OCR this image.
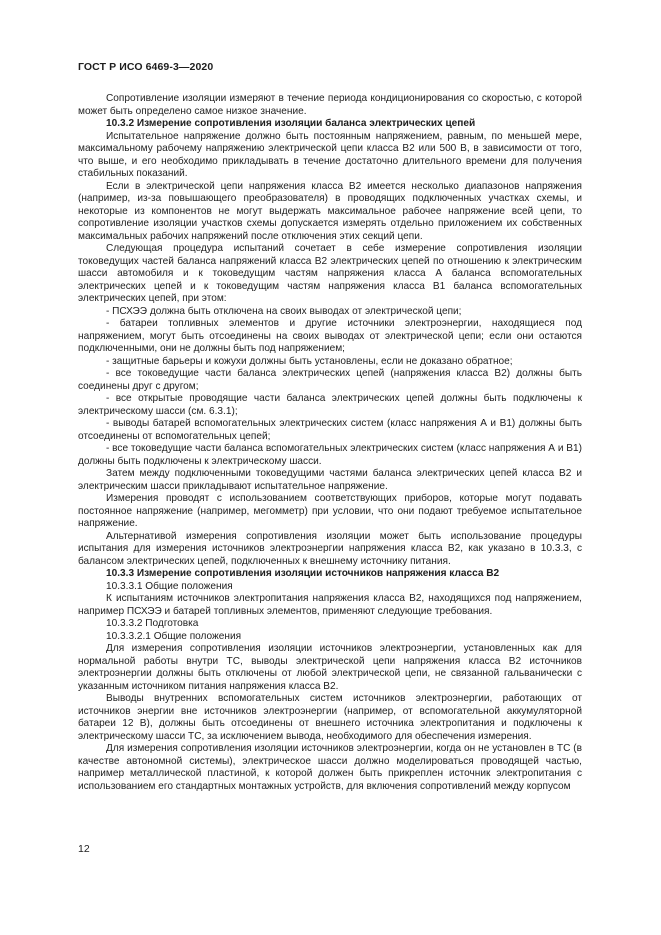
ГОСТ Р ИСО 6469-3—2020

Сопротивление изоляции измеряют в течение периода кондиционирования со скоростью, с которой может быть определено самое низкое значение.

10.3.2 Измерение сопротивления изоляции баланса электрических цепей

Испытательное напряжение должно быть постоянным напряжением, равным, по меньшей мере, максимальному рабочему напряжению электрической цепи класса В2 или 500 В, в зависимости от того, что выше, и его необходимо прикладывать в течение достаточно длительного времени для получения стабильных показаний.

Если в электрической цепи напряжения класса В2 имеется несколько диапазонов напряжения (например, из-за повышающего преобразователя) в проводящих подключенных участках схемы, и некоторые из компонентов не могут выдержать максимальное рабочее напряжение всей цепи, то сопротивление изоляции участков схемы допускается измерять отдельно приложением их собственных максимальных рабочих напряжений после отключения этих секций цепи.

Следующая процедура испытаний сочетает в себе измерение сопротивления изоляции токоведущих частей баланса напряжений класса В2 электрических цепей по отношению к электрическим шасси автомобиля и к токоведущим частям напряжения класса А баланса вспомогательных электрических цепей и к токоведущим частям напряжения класса В1 баланса вспомогательных электрических цепей, при этом:

- ПСХЭЭ должна быть отключена на своих выводах от электрической цепи;

- батареи топливных элементов и другие источники электроэнергии, находящиеся под напряжением, могут быть отсоединены на своих выводах от электрической цепи; если они остаются подключенными, они не должны быть под напряжением;

- защитные барьеры и кожухи должны быть установлены, если не доказано обратное;

- все токоведущие части баланса электрических цепей (напряжения класса В2) должны быть соединены друг с другом;

- все открытые проводящие части баланса электрических цепей должны быть подключены к электрическому шасси (см. 6.3.1);

- выводы батарей вспомогательных электрических систем (класс напряжения А и В1) должны быть отсоединены от вспомогательных цепей;

- все токоведущие части баланса вспомогательных электрических систем (класс напряжения А и В1) должны быть подключены к электрическому шасси.

Затем между подключенными токоведущими частями баланса электрических цепей класса В2 и электрическим шасси прикладывают испытательное напряжение.

Измерения проводят с использованием соответствующих приборов, которые могут подавать постоянное напряжение (например, мегомметр) при условии, что они подают требуемое испытательное напряжение.

Альтернативой измерения сопротивления изоляции может быть использование процедуры испытания для измерения источников электроэнергии напряжения класса В2, как указано в 10.3.3, с балансом электрических цепей, подключенных к внешнему источнику питания.

10.3.3 Измерение сопротивления изоляции источников напряжения класса В2

10.3.3.1 Общие положения

К испытаниям источников электропитания напряжения класса В2, находящихся под напряжением, например ПСХЭЭ и батарей топливных элементов, применяют следующие требования.

10.3.3.2 Подготовка

10.3.3.2.1 Общие положения

Для измерения сопротивления изоляции источников электроэнергии, установленных как для нормальной работы внутри ТС, выводы электрической цепи напряжения класса В2 источников электроэнергии должны быть отключены от любой электрической цепи, не связанной гальванически с указанным источником питания напряжения класса В2.

Выводы внутренних вспомогательных систем источников электроэнергии, работающих от источников энергии вне источников электроэнергии (например, от вспомогательной аккумуляторной батареи 12 В), должны быть отсоединены от внешнего источника электропитания и подключены к электрическому шасси ТС, за исключением вывода, необходимого для обеспечения измерения.

Для измерения сопротивления изоляции источников электроэнергии, когда он не установлен в ТС (в качестве автономной системы), электрическое шасси должно моделироваться проводящей частью, например металлической пластиной, к которой должен быть прикреплен источник электропитания с использованием его стандартных монтажных устройств, для включения сопротивлений между корпусом

12
